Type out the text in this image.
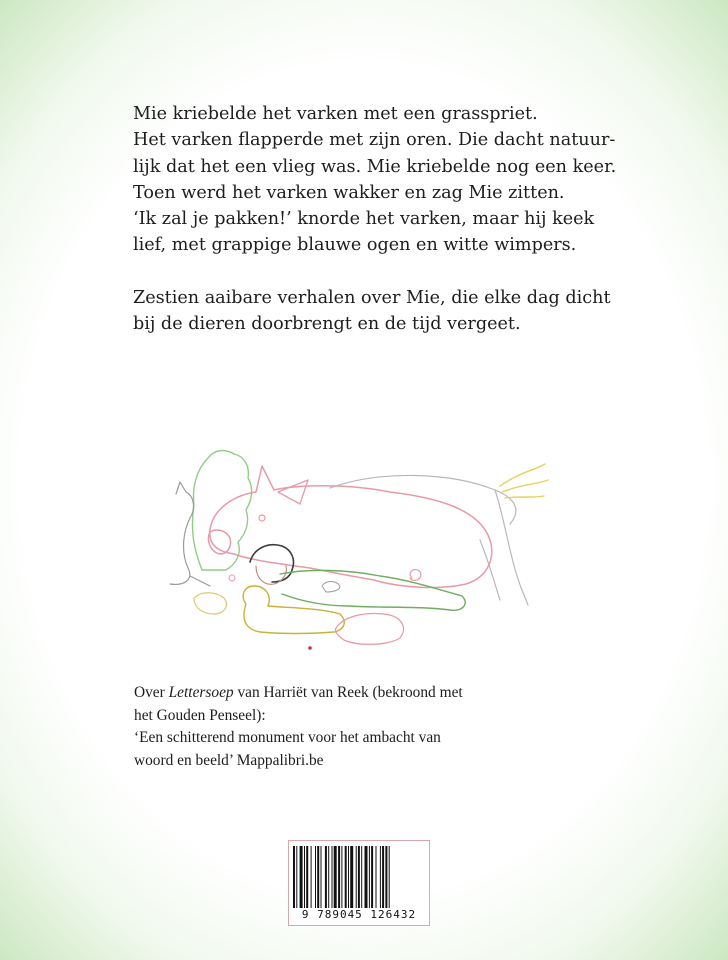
Mie kriebelde het varken met een grasspriet.
Het varken flapperde met zijn oren. Die dacht natuur-
lijk dat het een vlieg was. Mie kriebelde nog een keer.
Toen werd het varken wakker en zag Mie zitten.
‘Ik zal je pakken!’ knorde het varken, maar hij keek
lief, met grappige blauwe ogen en witte wimpers.

Zestien aaibare verhalen over Mie, die elke dag dicht
bij de dieren doorbrengt en de tijd vergeet.

Over Lettersoep van Harriët van Reek (bekroond met
het Gouden Penseel):
‘Een schitterend monument voor het ambacht van
woord en beeld’ Mappalibri.be
9 789045 126432
